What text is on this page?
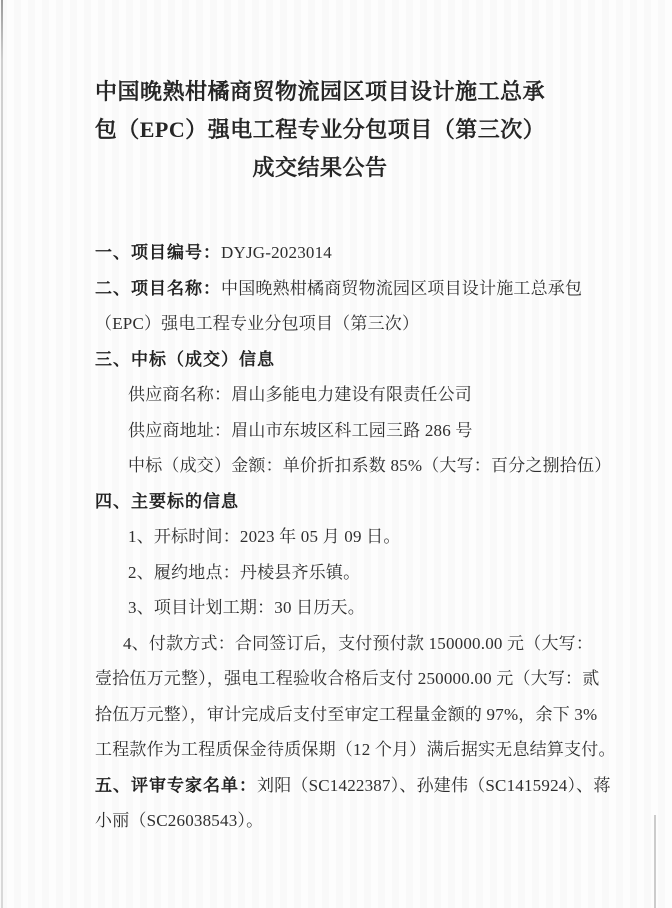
中国晚熟柑橘商贸物流园区项目设计施工总承
包（EPC）强电工程专业分包项目（第三次）
成交结果公告
一、项目编号：DYJG-2023014
二、项目名称：中国晚熟柑橘商贸物流园区项目设计施工总承包
（EPC）强电工程专业分包项目（第三次）
三、中标（成交）信息
供应商名称：眉山多能电力建设有限责任公司
供应商地址：眉山市东坡区科工园三路 286 号
中标（成交）金额：单价折扣系数 85%（大写：百分之捌拾伍）
四、主要标的信息
1、开标时间：2023 年 05 月 09 日。
2、履约地点：丹棱县齐乐镇。
3、项目计划工期：30 日历天。
4、付款方式：合同签订后，支付预付款 150000.00 元（大写：
壹拾伍万元整），强电工程验收合格后支付 250000.00 元（大写：贰
拾伍万元整），审计完成后支付至审定工程量金额的 97%，余下 3%
工程款作为工程质保金待质保期（12 个月）满后据实无息结算支付。
五、评审专家名单：刘阳（SC1422387）、孙建伟（SC1415924）、蒋
小丽（SC26038543）。
